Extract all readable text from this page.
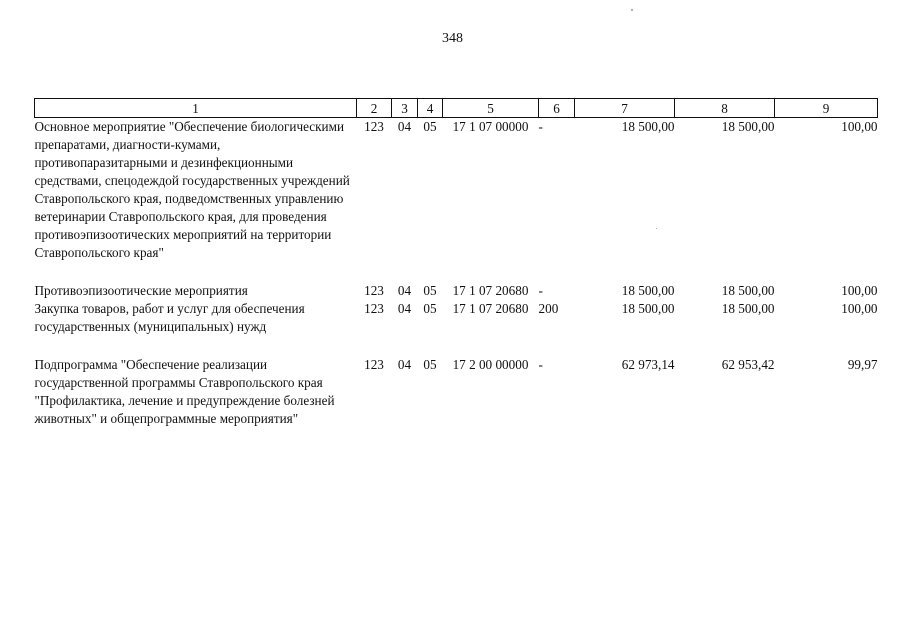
348
1	2	3	4	5	6	7	8	9
Основное мероприятие "Обеспечение биологическими препаратами, диагности-кумами, противопаразитарными и дезинфекционными средствами, спецодеждой государственных учреждений Ставропольского края, подведомственных управлению ветеринарии Ставропольского края, для проведения противоэпизоотических мероприятий на территории Ставропольского края"	123	04	05	17 1 07 00000	-	18 500,00	18 500,00	100,00

Противоэпизоотические мероприятия	123	04	05	17 1 07 20680	-	18 500,00	18 500,00	100,00
Закупка товаров, работ и услуг для обеспечения государственных (муниципальных) нужд	123	04	05	17 1 07 20680	200	18 500,00	18 500,00	100,00

Подпрограмма "Обеспечение реализации государственной программы Ставропольского края "Профилактика, лечение и предупреждение болезней животных" и общепрограммные мероприятия"	123	04	05	17 2 00 00000	-	62 973,14	62 953,42	99,97
